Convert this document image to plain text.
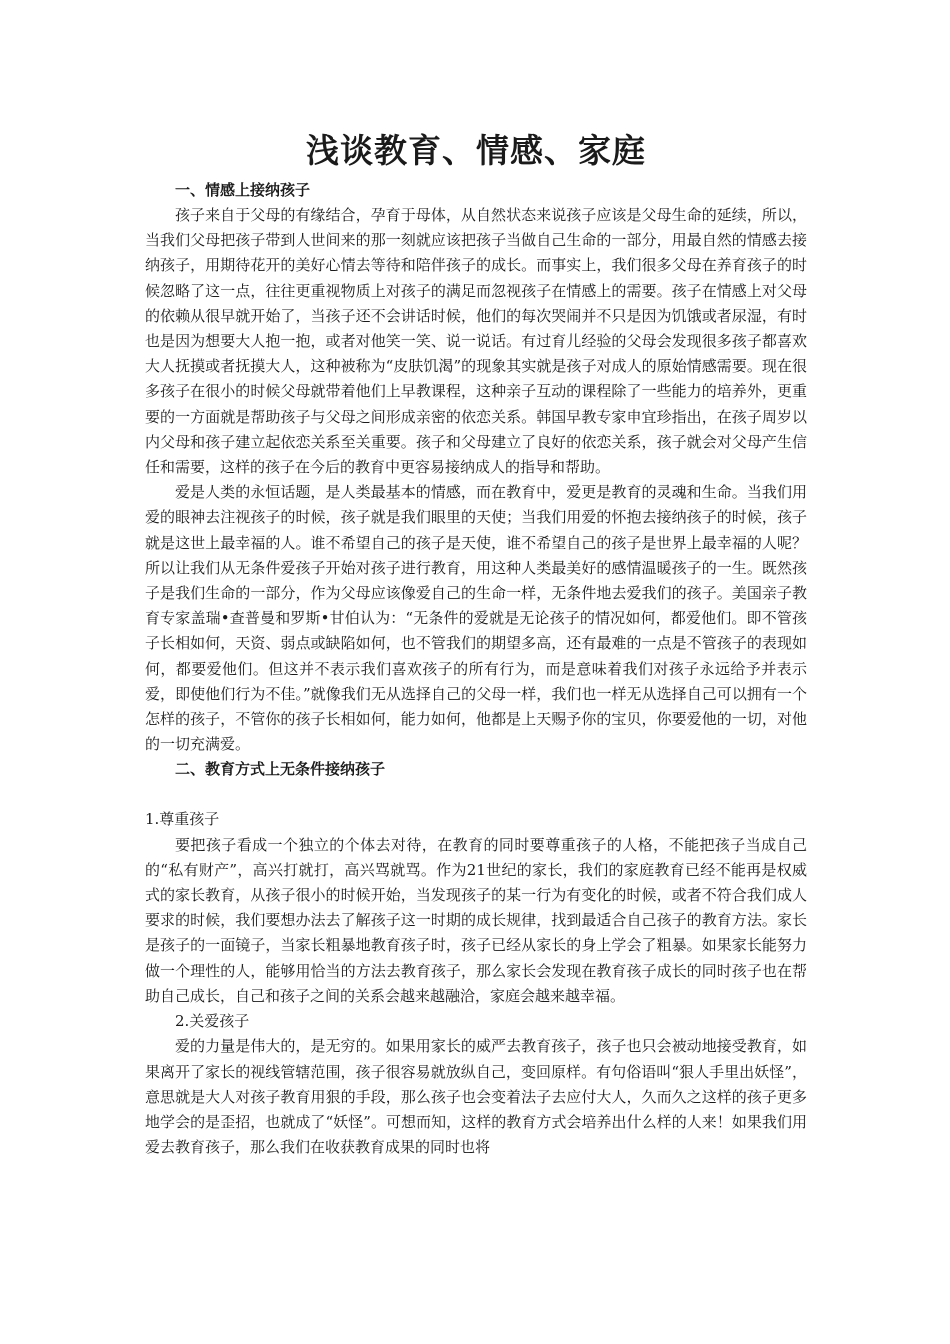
浅谈教育、情感、家庭

一、情感上接纳孩子

孩子来自于父母的有缘结合，孕育于母体，从自然状态来说孩子应该是父母生命的延续，所以，当我们父母把孩子带到人世间来的那一刻就应该把孩子当做自己生命的一部分，用最自然的情感去接纳孩子，用期待花开的美好心情去等待和陪伴孩子的成长。而事实上，我们很多父母在养育孩子的时候忽略了这一点，往往更重视物质上对孩子的满足而忽视孩子在情感上的需要。孩子在情感上对父母的依赖从很早就开始了，当孩子还不会讲话时候，他们的每次哭闹并不只是因为饥饿或者尿湿，有时也是因为想要大人抱一抱，或者对他笑一笑、说一说话。有过育儿经验的父母会发现很多孩子都喜欢大人抚摸或者抚摸大人，这种被称为“皮肤饥渴”的现象其实就是孩子对成人的原始情感需要。现在很多孩子在很小的时候父母就带着他们上早教课程，这种亲子互动的课程除了一些能力的培养外，更重要的一方面就是帮助孩子与父母之间形成亲密的依恋关系。韩国早教专家申宜珍指出，在孩子周岁以内父母和孩子建立起依恋关系至关重要。孩子和父母建立了良好的依恋关系，孩子就会对父母产生信任和需要，这样的孩子在今后的教育中更容易接纳成人的指导和帮助。

爱是人类的永恒话题，是人类最基本的情感，而在教育中，爱更是教育的灵魂和生命。当我们用爱的眼神去注视孩子的时候，孩子就是我们眼里的天使；当我们用爱的怀抱去接纳孩子的时候，孩子就是这世上最幸福的人。谁不希望自己的孩子是天使，谁不希望自己的孩子是世界上最幸福的人呢？所以让我们从无条件爱孩子开始对孩子进行教育，用这种人类最美好的感情温暖孩子的一生。既然孩子是我们生命的一部分，作为父母应该像爱自己的生命一样，无条件地去爱我们的孩子。美国亲子教育专家盖瑞•查普曼和罗斯•甘伯认为：“无条件的爱就是无论孩子的情况如何，都爱他们。即不管孩子长相如何，天资、弱点或缺陷如何，也不管我们的期望多高，还有最难的一点是不管孩子的表现如何，都要爱他们。但这并不表示我们喜欢孩子的所有行为，而是意味着我们对孩子永远给予并表示爱，即使他们行为不佳。”就像我们无从选择自己的父母一样，我们也一样无从选择自己可以拥有一个怎样的孩子，不管你的孩子长相如何，能力如何，他都是上天赐予你的宝贝，你要爱他的一切，对他的一切充满爱。

二、教育方式上无条件接纳孩子

1.尊重孩子

要把孩子看成一个独立的个体去对待，在教育的同时要尊重孩子的人格，不能把孩子当成自己的“私有财产”，高兴打就打，高兴骂就骂。作为21世纪的家长，我们的家庭教育已经不能再是权威式的家长教育，从孩子很小的时候开始，当发现孩子的某一行为有变化的时候，或者不符合我们成人要求的时候，我们要想办法去了解孩子这一时期的成长规律，找到最适合自己孩子的教育方法。家长是孩子的一面镜子，当家长粗暴地教育孩子时，孩子已经从家长的身上学会了粗暴。如果家长能努力做一个理性的人，能够用恰当的方法去教育孩子，那么家长会发现在教育孩子成长的同时孩子也在帮助自己成长，自己和孩子之间的关系会越来越融洽，家庭会越来越幸福。

2.关爱孩子

爱的力量是伟大的，是无穷的。如果用家长的威严去教育孩子，孩子也只会被动地接受教育，如果离开了家长的视线管辖范围，孩子很容易就放纵自己，变回原样。有句俗语叫“狠人手里出妖怪”，意思就是大人对孩子教育用狠的手段，那么孩子也会变着法子去应付大人，久而久之这样的孩子更多地学会的是歪招，也就成了“妖怪”。可想而知，这样的教育方式会培养出什么样的人来！如果我们用爱去教育孩子，那么我们在收获教育成果的同时也将
